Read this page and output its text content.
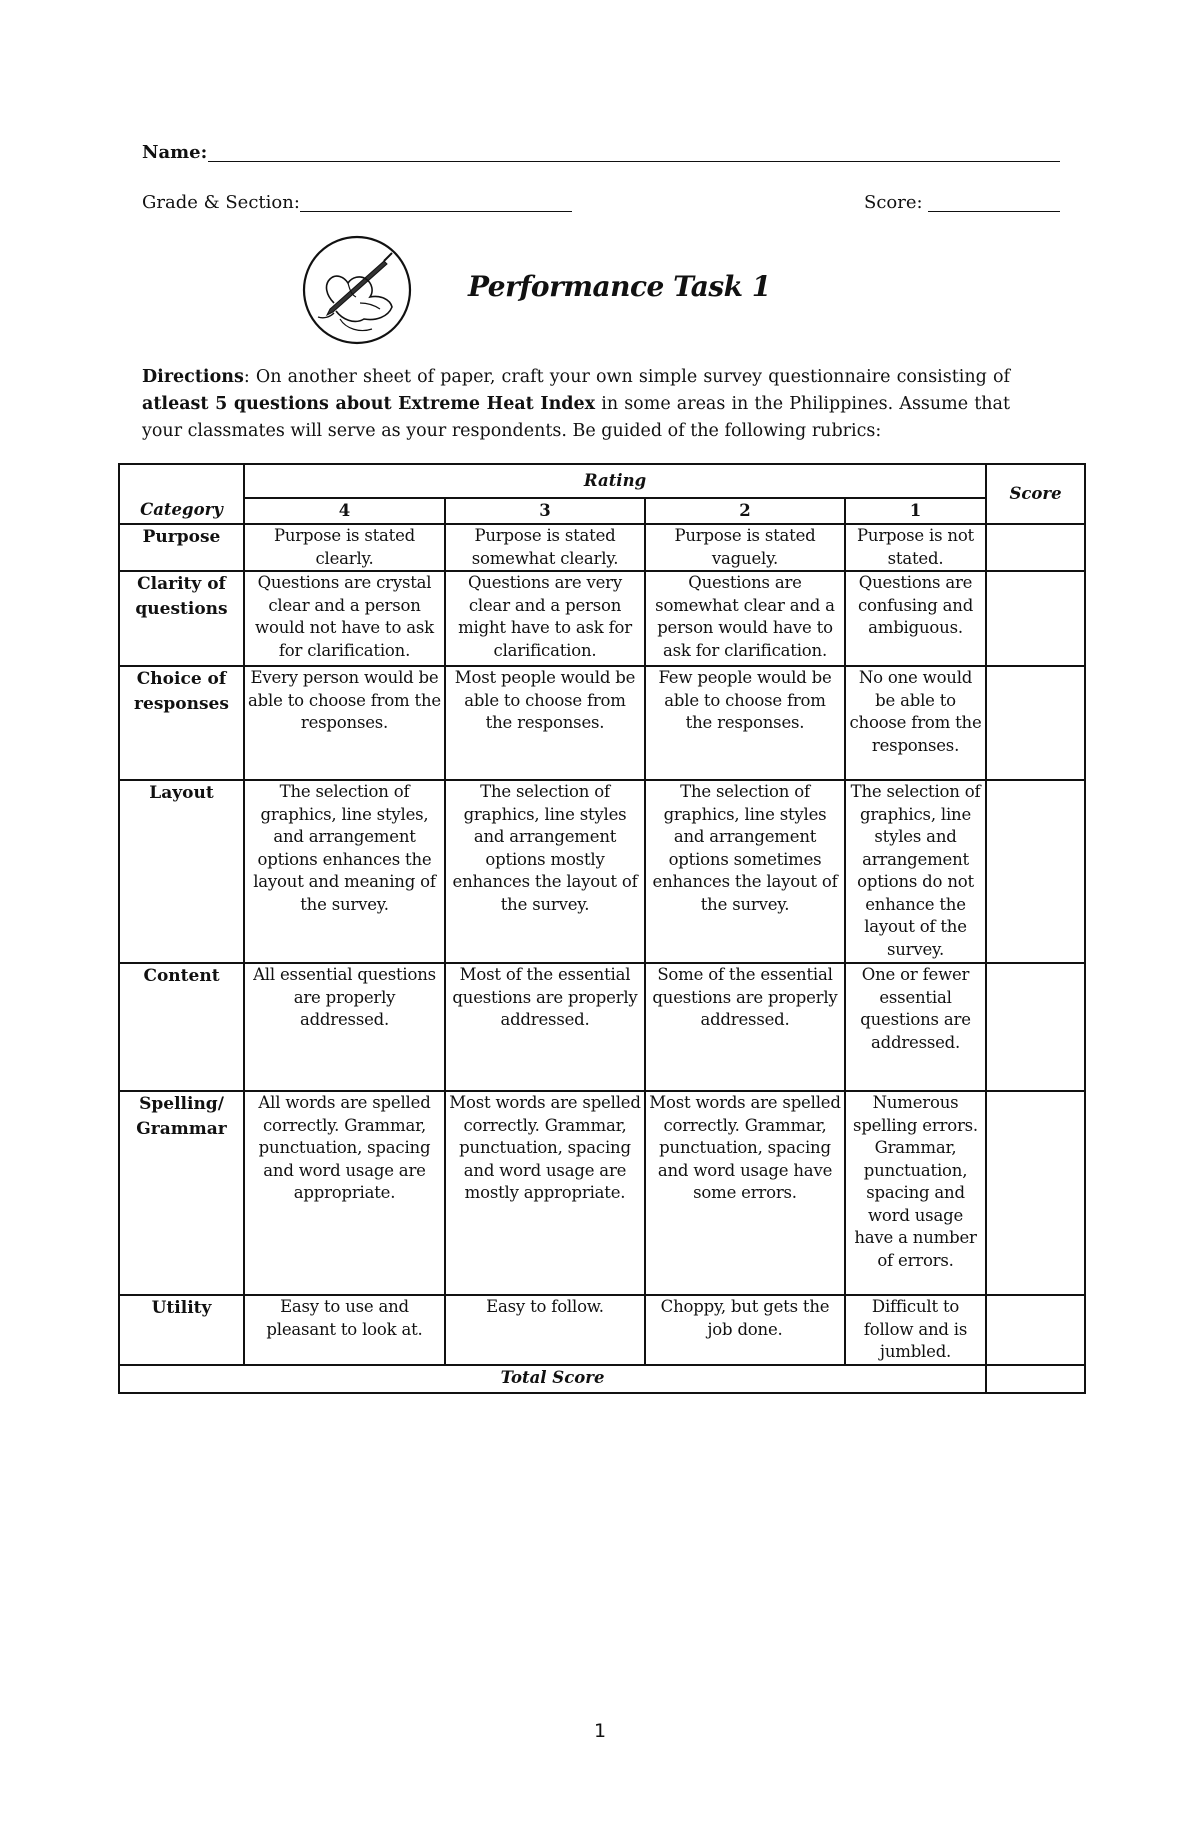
Name:
Grade & Section:	Score:
Performance Task 1

Directions: On another sheet of paper, craft your own simple survey questionnaire consisting of atleast 5 questions about Extreme Heat Index in some areas in the Philippines. Assume that your classmates will serve as your respondents. Be guided of the following rubrics:

Category	Rating				Score
	4	3	2	1	
Purpose	Purpose is stated clearly.	Purpose is stated somewhat clearly.	Purpose is stated vaguely.	Purpose is not stated.	
Clarity of questions	Questions are crystal clear and a person would not have to ask for clarification.	Questions are very clear and a person might have to ask for clarification.	Questions are somewhat clear and a person would have to ask for clarification.	Questions are confusing and ambiguous.	
Choice of responses	Every person would be able to choose from the responses.	Most people would be able to choose from the responses.	Few people would be able to choose from the responses.	No one would be able to choose from the responses.	
Layout	The selection of graphics, line styles, and arrangement options enhances the layout and meaning of the survey.	The selection of graphics, line styles and arrangement options mostly enhances the layout of the survey.	The selection of graphics, line styles and arrangement options sometimes enhances the layout of the survey.	The selection of graphics, line styles and arrangement options do not enhance the layout of the survey.	
Content	All essential questions are properly addressed.	Most of the essential questions are properly addressed.	Some of the essential questions are properly addressed.	One or fewer essential questions are addressed.	
Spelling/ Grammar	All words are spelled correctly. Grammar, punctuation, spacing and word usage are appropriate.	Most words are spelled correctly. Grammar, punctuation, spacing and word usage are mostly appropriate.	Most words are spelled correctly. Grammar, punctuation, spacing and word usage have some errors.	Numerous spelling errors. Grammar, punctuation, spacing and word usage have a number of errors.	
Utility	Easy to use and pleasant to look at.	Easy to follow.	Choppy, but gets the job done.	Difficult to follow and is jumbled.	
Total Score					
1
